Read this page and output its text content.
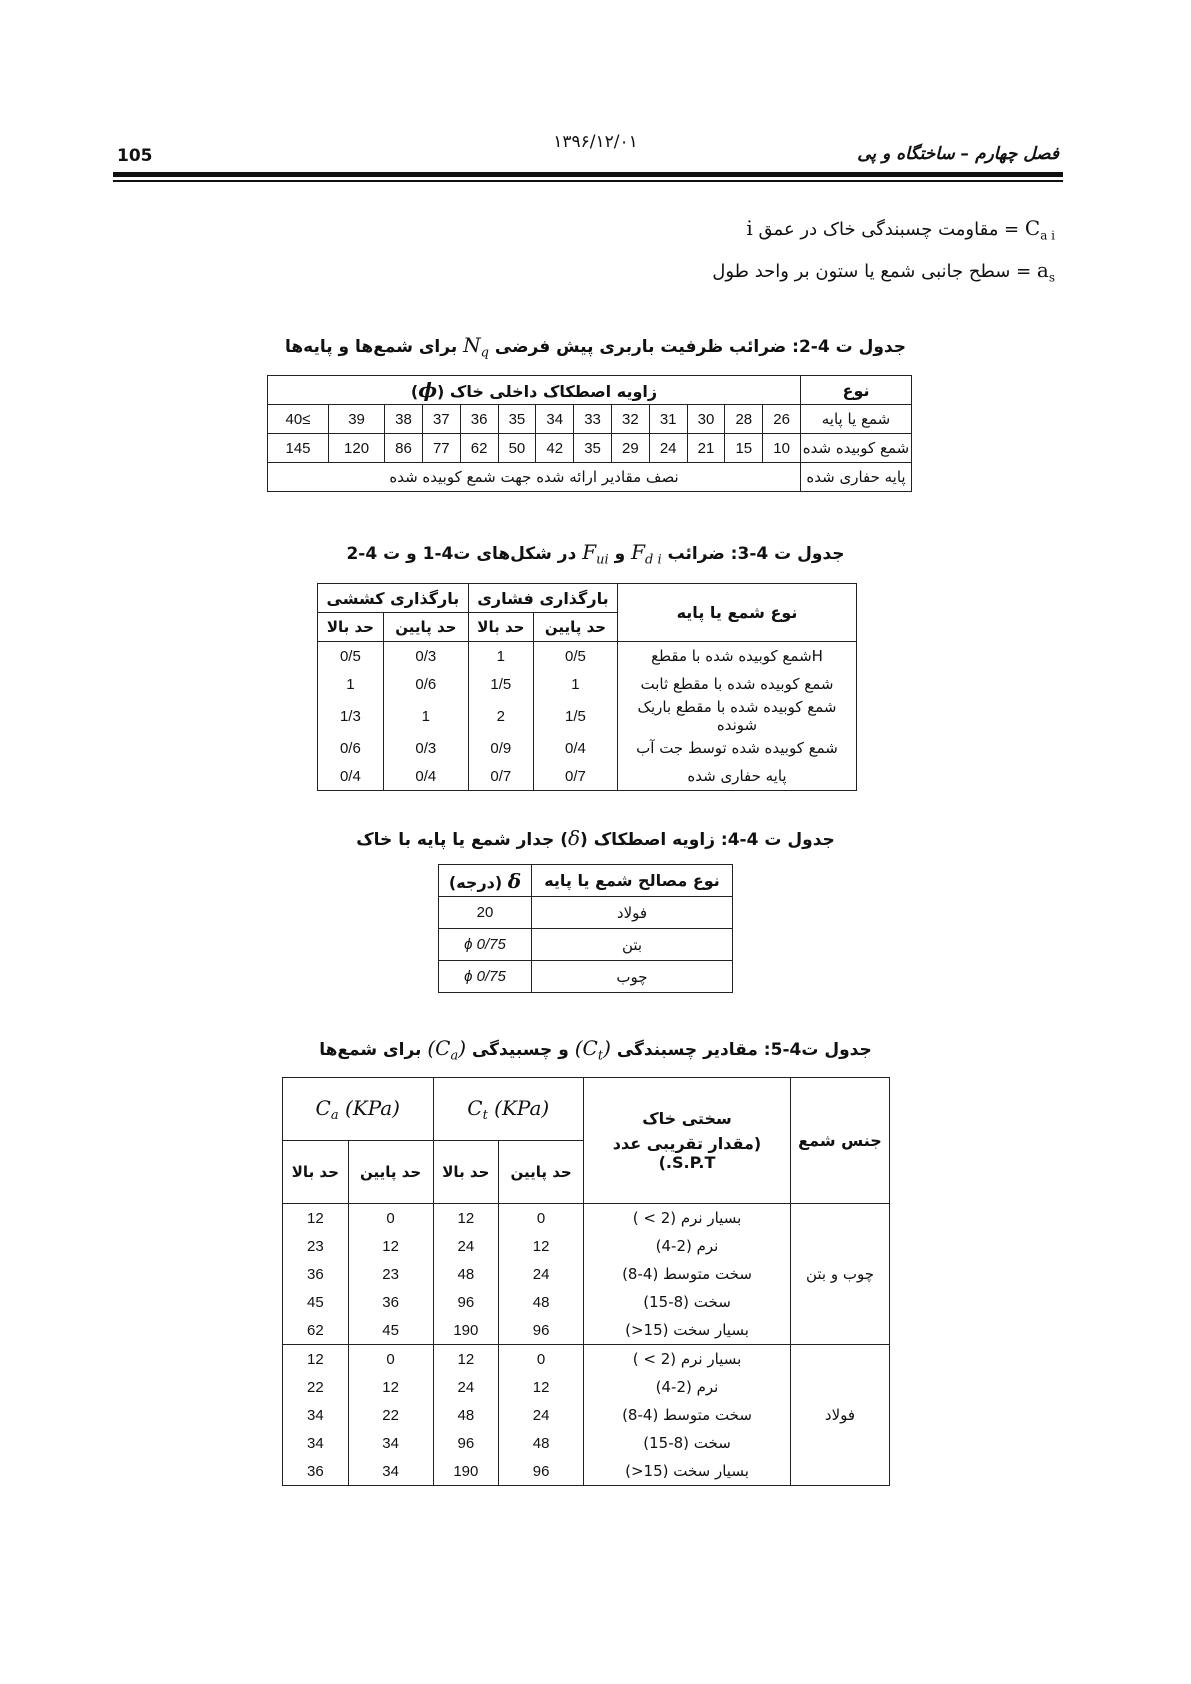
۱۳۹۶/۱۲/۰۱
105	فصل چهارم – ساختگاه و پی
$C_{a i}$ = مقاومت چسبندگی خاک در عمق i
$a_s$ = سطح جانبی شمع یا ستون بر واحد طول
جدول ت 4-2: ضرائب ظرفیت باربری پیش فرضی $N_q$ برای شمع‌ها و پایه‌ها
نوع	زاویه اصطکاک داخلی خاک (ϕ)												
شمع یا پایه	26	28	30	31	32	33	34	35	36	37	38	39	≥40
شمع کوبیده شده	10	15	21	24	29	35	42	50	62	77	86	120	145
پایه حفاری شده	نصف مقادیر ارائه شده جهت شمع کوبیده شده												
جدول ت 4-3: ضرائب $F_{d i}$ و $F_{ui}$ در شکل‌های ت4-1 و ت 4-2
نوع شمع یا پایه	بارگذاری فشاری		بارگذاری کششی	
	حد پایین	حد بالا	حد پایین	حد بالا
Hشمع کوبیده شده با مقطع	0/5	1	0/3	0/5
شمع کوبیده شده با مقطع ثابت	1	1/5	0/6	1
شمع کوبیده شده با مقطع باریک شونده	1/5	2	1	1/3
شمع کوبیده شده توسط جت آب	0/4	0/9	0/3	0/6
پایه حفاری شده	0/7	0/7	0/4	0/4
جدول ت 4-4: زاویه اصطکاک (δ) جدار شمع یا پایه با خاک
نوع مصالح شمع یا پایه	δ (درجه)
فولاد	20
بتن	ϕ 0/75
چوب	ϕ 0/75
جدول ت4-5: مقادیر چسبندگی $(C_t)$ و چسبیدگی $(C_a)$ برای شمع‌ها
جنس شمع	سختی خاک
(مقدار تقریبی عدد S.P.T.)	$C_t$ (KPa)		$C_a$ (KPa)	
		حد پایین	حد بالا	حد پایین	حد بالا
چوب و بتن	بسیار نرم (2 > )	0	12	0	12
	نرم (2-4)	12	24	12	23
	سخت متوسط (4-8)	24	48	23	36
	سخت (8-15)	48	96	36	45
	بسیار سخت (15<)	96	190	45	62
فولاد	بسیار نرم (2 > )	0	12	0	12
	نرم (2-4)	12	24	12	22
	سخت متوسط (4-8)	24	48	22	34
	سخت (8-15)	48	96	34	34
	بسیار سخت (15<)	96	190	34	36
